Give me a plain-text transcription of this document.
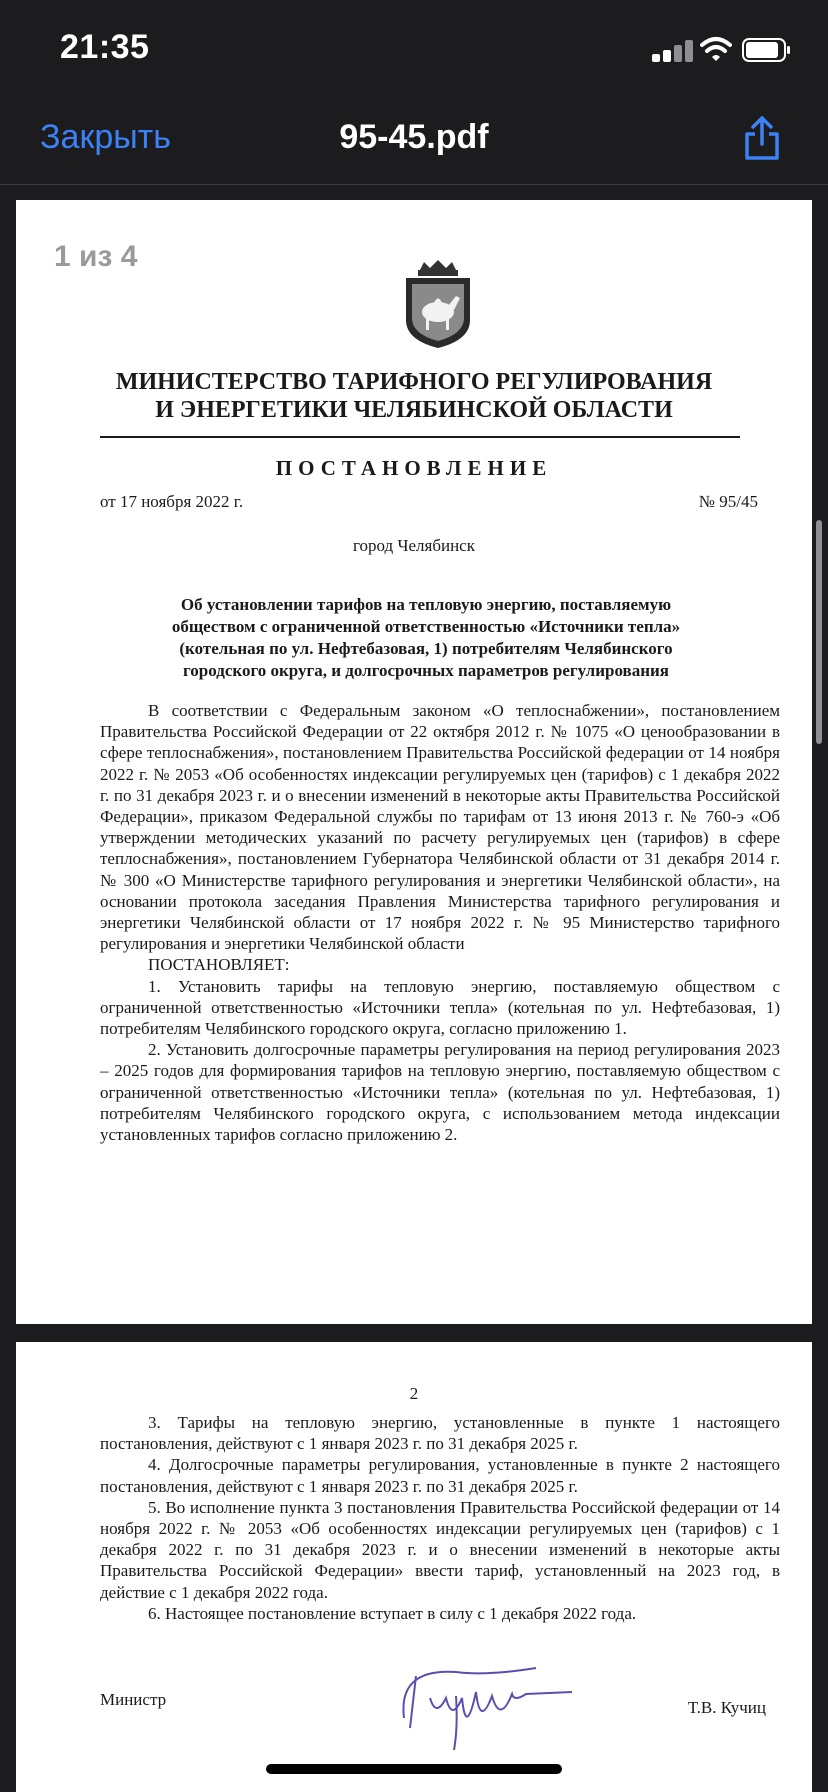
21:35
Закрыть	95-45.pdf
МИНИСТЕРСТВО ТАРИФНОГО РЕГУЛИРОВАНИЯ
И ЭНЕРГЕТИКИ ЧЕЛЯБИНСКОЙ ОБЛАСТИ
ПОСТАНОВЛЕНИЕ
от 17 ноября 2022 г.	№ 95/45
город Челябинск
Об установлении тарифов на тепловую энергию, поставляемую обществом с ограниченной ответственностью «Источники тепла» (котельная по ул. Нефтебазовая, 1) потребителям Челябинского городского округа, и долгосрочных параметров регулирования

В соответствии с Федеральным законом «О теплоснабжении», постановлением Правительства Российской Федерации от 22 октября 2012 г. № 1075 «О ценообразовании в сфере теплоснабжения», постановлением Правительства Российской федерации от 14 ноября 2022 г. № 2053 «Об особенностях индексации регулируемых цен (тарифов) с 1 декабря 2022 г. по 31 декабря 2023 г. и о внесении изменений в некоторые акты Правительства Российской Федерации», приказом Федеральной службы по тарифам от 13 июня 2013 г. № 760-э «Об утверждении методических указаний по расчету регулируемых цен (тарифов) в сфере теплоснабжения», постановлением Губернатора Челябинской области от 31 декабря 2014 г. № 300 «О Министерстве тарифного регулирования и энергетики Челябинской области», на основании протокола заседания Правления Министерства тарифного регулирования и энергетики Челябинской области от 17 ноября 2022 г. № 95 Министерство тарифного регулирования и энергетики Челябинской области

ПОСТАНОВЛЯЕТ:

1. Установить тарифы на тепловую энергию, поставляемую обществом с ограниченной ответственностью «Источники тепла» (котельная по ул. Нефтебазовая, 1) потребителям Челябинского городского округа, согласно приложению 1.

2. Установить долгосрочные параметры регулирования на период регулирования 2023 – 2025 годов для формирования тарифов на тепловую энергию, поставляемую обществом с ограниченной ответственностью «Источники тепла» (котельная по ул. Нефтебазовая, 1) потребителям Челябинского городского округа, с использованием метода индексации установленных тарифов согласно приложению 2.

1 из 4
2

3. Тарифы на тепловую энергию, установленные в пункте 1 настоящего постановления, действуют с 1 января 2023 г. по 31 декабря 2025 г.

4. Долгосрочные параметры регулирования, установленные в пункте 2 настоящего постановления, действуют с 1 января 2023 г. по 31 декабря 2025 г.

5. Во исполнение пункта 3 постановления Правительства Российской федерации от 14 ноября 2022 г. № 2053 «Об особенностях индексации регулируемых цен (тарифов) с 1 декабря 2022 г. по 31 декабря 2023 г. и о внесении изменений в некоторые акты Правительства Российской Федерации» ввести тариф, установленный на 2023 год, в действие с 1 декабря 2022 года.

6. Настоящее постановление вступает в силу с 1 декабря 2022 года.

Министр	Т.В. Кучиц
